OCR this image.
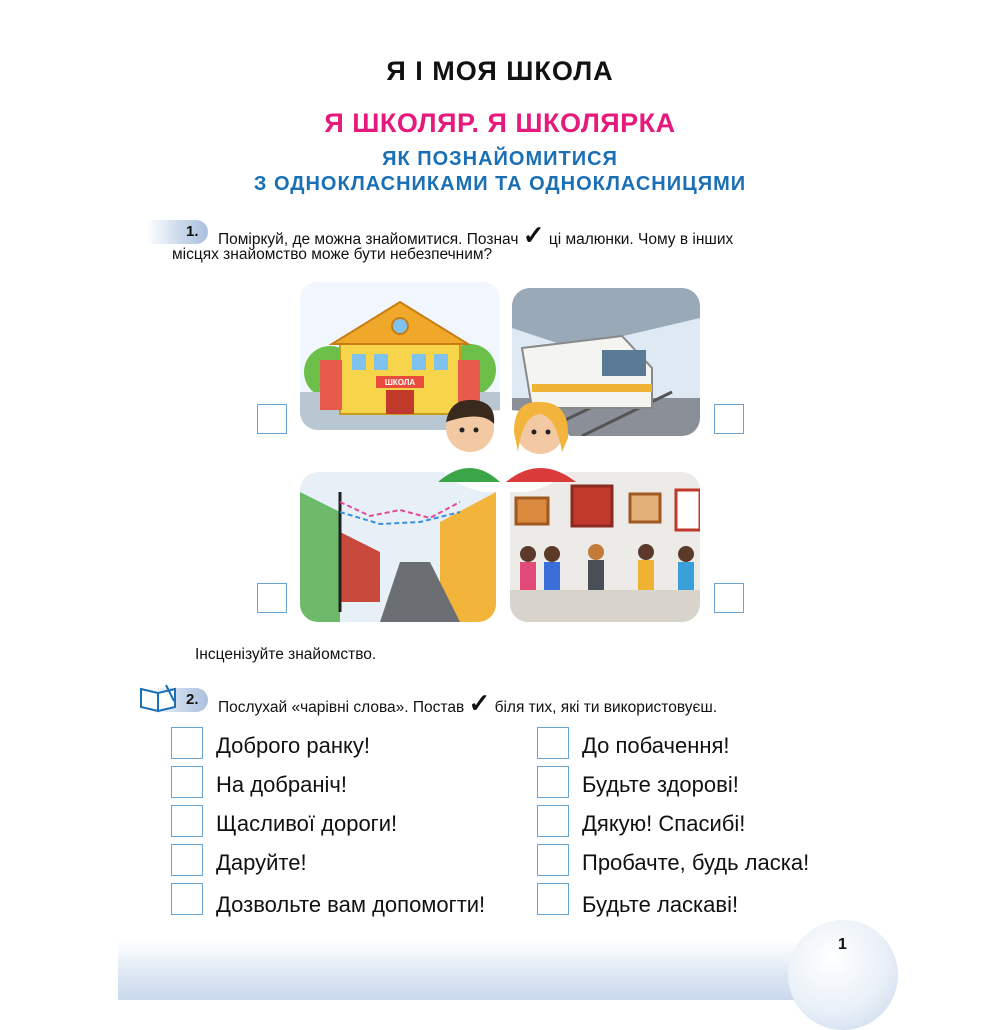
Я І МОЯ ШКОЛА
Я ШКОЛЯР. Я ШКОЛЯРКА
ЯК ПОЗНАЙОМИТИСЯ
З ОДНОКЛАСНИКАМИ ТА ОДНОКЛАСНИЦЯМИ
1. Поміркуй, де можна знайомитися. Познач ✓ ці малюнки. Чому в інших
місцях знайомство може бути небезпечним?
ШКОЛА
Інсценізуйте знайомство.
2. Послухай «чарівні слова». Постав ✓ біля тих, які ти використовуєш.
Доброго ранку!
На добраніч!
Щасливої дороги!
Даруйте!
Дозвольте вам допомогти!
До побачення!
Будьте здорові!
Дякую! Спасибі!
Пробачте, будь ласка!
Будьте ласкаві!
1
